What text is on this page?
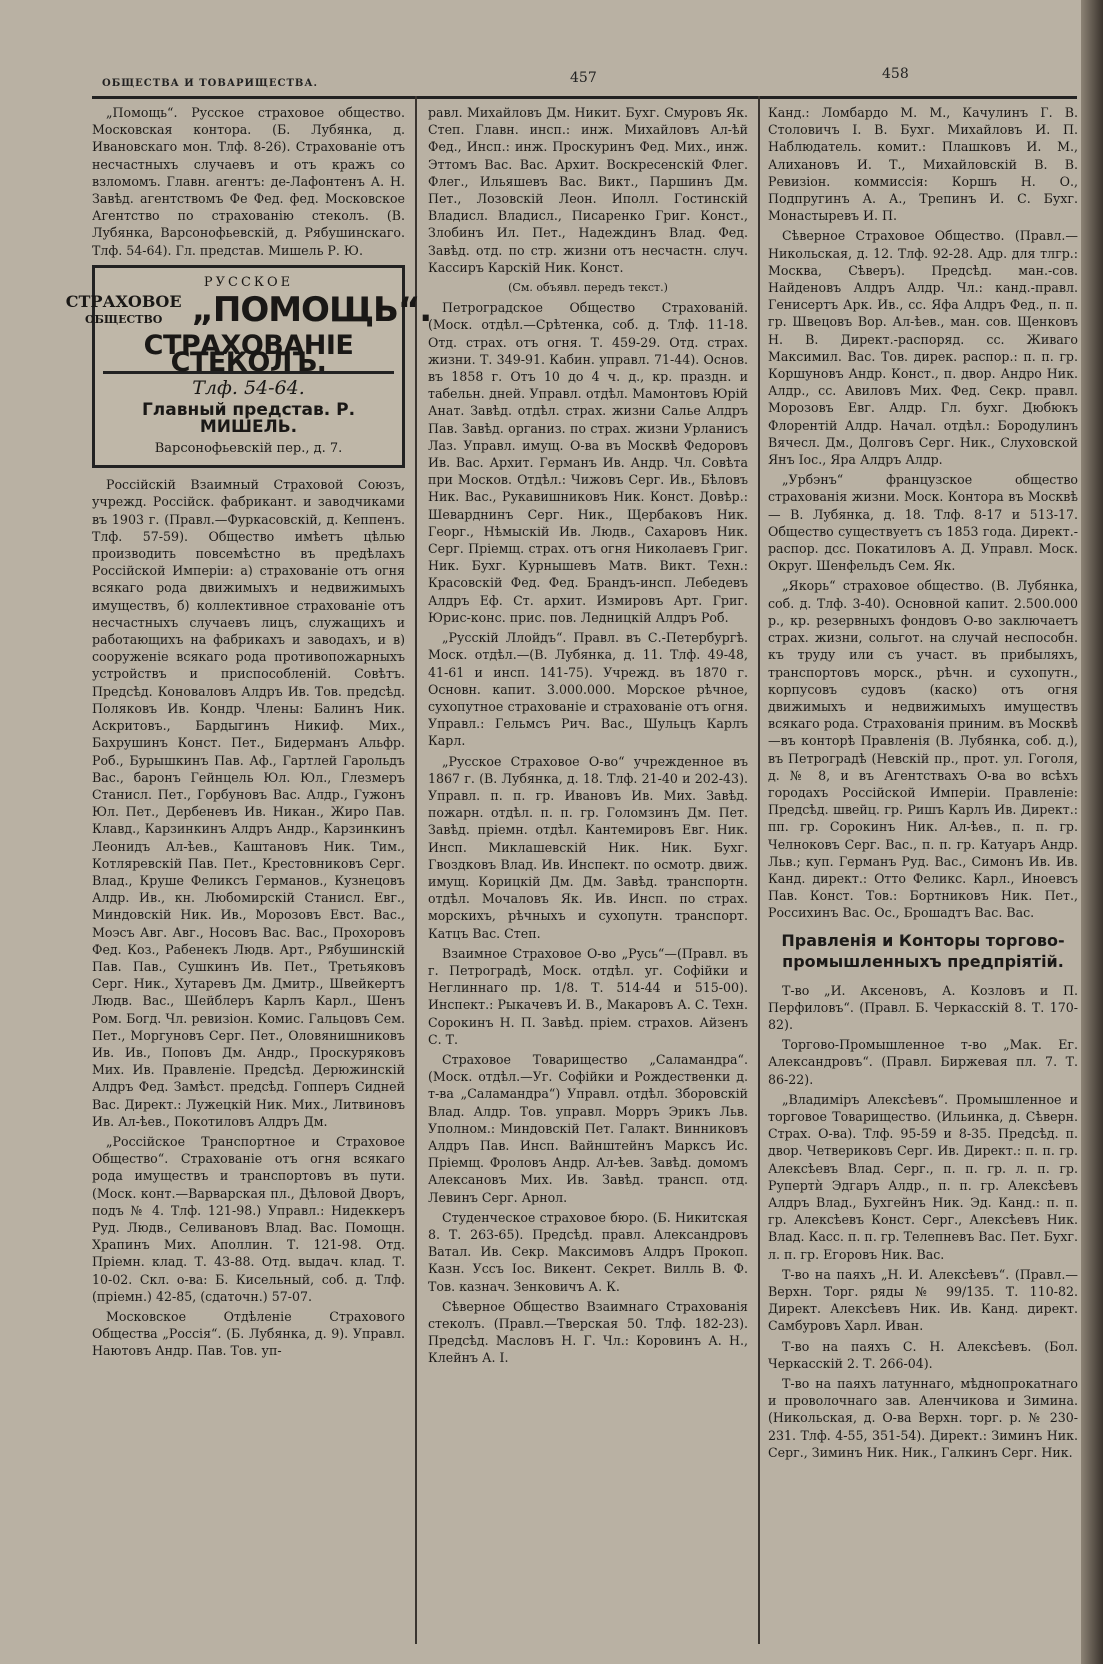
ОБЩЕСТВА И ТОВАРИЩЕСТВА.	457	458

„Помощь“. Русское страховое общество. Московская контора. (Б. Лубянка, д. Ивановскаго мон. Тлф. 8-26). Страхованіе отъ несчастныхъ случаевъ и отъ кражъ со взломомъ. Главн. агентъ: де-Лафонтенъ А. Н. Завѣд. агентствомъ Фе Фед. фед. Московское Агентство по страхованію стеколъ. (В. Лубянка, Варсонофьевскій, д. Рябушинскаго. Тлф. 54-64). Гл. представ. Мишель Р. Ю.

РУССКОЕ
СТРАХОВОЕ
ОБЩЕСТВО „ПОМОЩЬ“.
СТРАХОВАНІЕ СТЕКОЛЪ.
Тлф. 54-64.
Главный представ. Р. МИШЕЛЬ.
Варсонофьевскій пер., д. 7.

Россійскій Взаимный Страховой Союзъ, учрежд. Россійск. фабрикант. и заводчиками въ 1903 г. (Правл.—Фуркасовскій, д. Кеппенъ. Тлф. 57-59). Общество имѣетъ цѣлью производить повсемѣстно въ предѣлахъ Россійской Имперіи: а) страхованіе отъ огня всякаго рода движимыхъ и недвижимыхъ имуществъ, б) коллективное страхованіе отъ несчастныхъ случаевъ лицъ, служащихъ и работающихъ на фабрикахъ и заводахъ, и в) сооруженіе всякаго рода противопожарныхъ устройствъ и приспособленій. Совѣтъ. Предсѣд. Коноваловъ Алдръ Ив. Тов. предсѣд. Поляковъ Ив. Кондр. Члены: Балинъ Ник. Аскритовъ., Бардыгинъ Никиф. Мих., Бахрушинъ Конст. Пет., Бидерманъ Альфр. Роб., Бурышкинъ Пав. Аф., Гартлей Гарольдъ Вас., баронъ Гейнцель Юл. Юл., Глезмеръ Станисл. Пет., Горбуновъ Вас. Алдр., Гужонъ Юл. Пет., Дербеневъ Ив. Никан., Жиро Пав. Клавд., Карзинкинъ Алдръ Андр., Карзинкинъ Леонидъ Ал-ѣев., Каштановъ Ник. Тим., Котляревскій Пав. Пет., Крестовниковъ Серг. Влад., Круше Феликсъ Германов., Кузнецовъ Алдр. Ив., кн. Любомирскій Станисл. Евг., Миндовскій Ник. Ив., Морозовъ Евст. Вас., Моэсъ Авг. Авг., Носовъ Вас. Вас., Прохоровъ Фед. Коз., Рабенекъ Людв. Арт., Рябушинскій Пав. Пав., Сушкинъ Ив. Пет., Третьяковъ Серг. Ник., Хутаревъ Дм. Дмитр., Швейкертъ Людв. Вас., Шейблеръ Карлъ Карл., Шенъ Ром. Богд. Чл. ревизіон. Комис. Гальцовъ Сем. Пет., Моргуновъ Серг. Пет., Оловянишниковъ Ив. Ив., Поповъ Дм. Андр., Проскуряковъ Мих. Ив. Правленіе. Предсѣд. Дерюжинскій Алдръ Фед. Замѣст. предсѣд. Гопперъ Сидней Вас. Директ.: Лужецкій Ник. Мих., Литвиновъ Ив. Ал-ѣев., Покотиловъ Алдръ Дм.

„Россійское Транспортное и Страховое Общество“. Страхованіе отъ огня всякаго рода имуществъ и транспортовъ въ пути. (Моск. конт.—Варварская пл., Дѣловой Дворъ, подъ № 4. Тлф. 121-98.) Управл.: Нидеккеръ Руд. Людв., Селивановъ Влад. Вас. Помощн. Храпинъ Мих. Аполлин. Т. 121-98. Отд. Пріемн. клад. Т. 43-88. Отд. выдач. клад. Т. 10-02. Скл. о-ва: Б. Кисельный, соб. д. Тлф. (пріемн.) 42-85, (сдаточн.) 57-07.

Московское Отдѣленіе Страхового Общества „Россія“. (Б. Лубянка, д. 9). Управл. Наютовъ Андр. Пав. Тов. уп-

равл. Михайловъ Дм. Никит. Бухг. Смуровъ Як. Степ. Главн. инсп.: инж. Михайловъ Ал-ѣй Фед., Инсп.: инж. Проскуринъ Фед. Мих., инж. Эттомъ Вас. Вас. Архит. Воскресенскій Флег. Флег., Ильяшевъ Вас. Викт., Паршинъ Дм. Пет., Лозовскій Леон. Иполл. Гостинскій Владисл. Владисл., Писаренко Григ. Конст., Злобинъ Ил. Пет., Надеждинъ Влад. Фед. Завѣд. отд. по стр. жизни отъ несчастн. случ. Кассиръ Карскій Ник. Конст.

(См. объявл. передъ текст.)

Петроградское Общество Страхованій. (Моск. отдѣл.—Срѣтенка, соб. д. Тлф. 11-18. Отд. страх. отъ огня. Т. 459-29. Отд. страх. жизни. Т. 349-91. Кабин. управл. 71-44). Основ. въ 1858 г. Отъ 10 до 4 ч. д., кр. праздн. и табельн. дней. Управл. отдѣл. Мамонтовъ Юрій Анат. Завѣд. отдѣл. страх. жизни Салье Алдръ Пав. Завѣд. организ. по страх. жизни Урланисъ Лаз. Управл. имущ. О-ва въ Москвѣ Федоровъ Ив. Вас. Архит. Германъ Ив. Андр. Чл. Совѣта при Москов. Отдѣл.: Чижовъ Серг. Ив., Бѣловъ Ник. Вас., Рукавишниковъ Ник. Конст. Довѣр.: Шеварднинъ Серг. Ник., Щербаковъ Ник. Георг., Нѣмыскій Ив. Людв., Сахаровъ Ник. Серг. Пріемщ. страх. отъ огня Николаевъ Григ. Ник. Бухг. Курнышевъ Матв. Викт. Техн.: Красовскій Фед. Фед. Брандъ-инсп. Лебедевъ Алдръ Еф. Ст. архит. Измировъ Арт. Григ. Юрис-конс. прис. пов. Ледницкій Алдръ Роб.

„Русскій Ллойдъ“. Правл. въ С.-Петербургѣ. Моск. отдѣл.—(В. Лубянка, д. 11. Тлф. 49-48, 41-61 и инсп. 141-75). Учрежд. въ 1870 г. Основн. капит. 3.000.000. Морское рѣчное, сухопутное страхованіе и страхованіе отъ огня. Управл.: Гельмсъ Рич. Вас., Шульцъ Карлъ Карл.

„Русское Страховое О-во“ учрежденное въ 1867 г. (В. Лубянка, д. 18. Тлф. 21-40 и 202-43). Управл. п. п. гр. Ивановъ Ив. Мих. Завѣд. пожарн. отдѣл. п. п. гр. Голомзинъ Дм. Пет. Завѣд. пріемн. отдѣл. Кантемировъ Евг. Ник. Инсп. Миклашевскій Ник. Ник. Бухг. Гвоздковъ Влад. Ив. Инспект. по осмотр. движ. имущ. Корицкій Дм. Дм. Завѣд. транспортн. отдѣл. Мочаловъ Як. Ив. Инсп. по страх. морскихъ, рѣчныхъ и сухопутн. транспорт. Катцъ Вас. Степ.

Взаимное Страховое О-во „Русь“—(Правл. въ г. Петроградѣ, Моск. отдѣл. уг. Софійки и Неглиннаго пр. 1/8. Т. 514-44 и 515-00). Инспект.: Рыкачевъ И. В., Макаровъ А. С. Техн. Сорокинъ Н. П. Завѣд. пріем. страхов. Айзенъ С. Т.

Страховое Товарищество „Саламандра“. (Моск. отдѣл.—Уг. Софійки и Рождественки д. т-ва „Саламандра“) Управл. отдѣл. Зборовскій Влад. Алдр. Тов. управл. Морръ Эрикъ Льв. Уполном.: Миндовскій Пет. Галакт. Винниковъ Алдръ Пав. Инсп. Вайнштейнъ Марксъ Ис. Пріемщ. Фроловъ Андр. Ал-ѣев. Завѣд. домомъ Алексановъ Мих. Ив. Завѣд. трансп. отд. Левинъ Серг. Арнол.

Студенческое страховое бюро. (Б. Никитская 8. Т. 263-65). Предсѣд. правл. Александровъ Ватал. Ив. Секр. Максимовъ Алдръ Прокоп. Казн. Уссъ Іос. Викент. Секрет. Вилль В. Ф. Тов. казнач. Зенковичъ А. К.

Сѣверное Общество Взаимнаго Страхованія стеколъ. (Правл.—Тверская 50. Тлф. 182-23). Предсѣд. Масловъ Н. Г. Чл.: Коровинъ А. Н., Клейнъ А. І.

Канд.: Ломбардо М. М., Качулинъ Г. В. Столовичъ І. В. Бухг. Михайловъ И. П. Наблюдатель. комит.: Плашковъ И. М., Алихановъ И. Т., Михайловскій В. В. Ревизіон. коммиссія: Коршъ Н. О., Подпругинъ А. А., Трепинъ И. С. Бухг. Монастыревъ И. П.

Сѣверное Страховое Общество. (Правл.—Никольская, д. 12. Тлф. 92-28. Адр. для тлгр.: Москва, Сѣверъ). Предсѣд. ман.-сов. Найденовъ Алдръ Алдр. Чл.: канд.-правл. Генисертъ Арк. Ив., сс. Яфа Алдръ Фед., п. п. гр. Швецовъ Вор. Ал-ѣев., ман. сов. Щенковъ Н. В. Директ.-распоряд. сс. Живаго Максимил. Вас. Тов. дирек. распор.: п. п. гр. Коршуновъ Андр. Конст., п. двор. Андро Ник. Алдр., сс. Авиловъ Мих. Фед. Секр. правл. Морозовъ Евг. Алдр. Гл. бухг. Дюбюкъ Флорентій Алдр. Начал. отдѣл.: Бородулинъ Вячесл. Дм., Долговъ Серг. Ник., Слуховской Янъ Іос., Яра Алдръ Алдр.

„Урбэнъ“ французское общество страхованія жизни. Моск. Контора въ Москвѣ — В. Лубянка, д. 18. Тлф. 8-17 и 513-17. Общество существуетъ съ 1853 года. Директ.-распор. дсс. Покатиловъ А. Д. Управл. Моск. Округ. Шенфельдъ Сем. Як.

„Якорь“ страховое общество. (В. Лубянка, соб. д. Тлф. 3-40). Основной капит. 2.500.000 р., кр. резервныхъ фондовъ О-во заключаетъ страх. жизни, сольгот. на случай неспособн. къ труду или съ участ. въ прибыляхъ, транспортовъ морск., рѣчн. и сухопутн., корпусовъ судовъ (каско) отъ огня движимыхъ и недвижимыхъ имуществъ всякаго рода. Страхованія приним. въ Москвѣ—въ конторѣ Правленія (В. Лубянка, соб. д.), въ Петроградѣ (Невскій пр., прот. ул. Гоголя, д. № 8, и въ Агентствахъ О-ва во всѣхъ городахъ Россійской Имперіи. Правленіе: Предсѣд. швейц. гр. Ришъ Карлъ Ив. Директ.: пп. гр. Сорокинъ Ник. Ал-ѣев., п. п. гр. Челноковъ Серг. Вас., п. п. гр. Катуаръ Андр. Льв.; куп. Германъ Руд. Вас., Симонъ Ив. Ив. Канд. директ.: Отто Феликс. Карл., Иноевсъ Пав. Конст. Тов.: Бортниковъ Ник. Пет., Россихинъ Вас. Ос., Брошадтъ Вас. Вас.

Правленія и Конторы торгово-промышленныхъ предпріятій.

Т-во „И. Аксеновъ, А. Козловъ и П. Перфиловъ“. (Правл. Б. Черкасскій 8. Т. 170-82).

Торгово-Промышленное т-во „Мак. Ег. Александровъ“. (Правл. Биржевая пл. 7. Т. 86-22).

„Владиміръ Алексѣевъ“. Промышленное и торговое Товарищество. (Ильинка, д. Сѣверн. Страх. О-ва). Тлф. 95-59 и 8-35. Предсѣд. п. двор. Четвериковъ Серг. Ив. Директ.: п. п. гр. Алексѣевъ Влад. Серг., п. п. гр. л. п. гр. Рупертѝ Эдгаръ Алдр., п. п. гр. Алексѣевъ Алдръ Влад., Бухгейнъ Ник. Эд. Канд.: п. п. гр. Алексѣевъ Конст. Серг., Алексѣевъ Ник. Влад. Касс. п. п. гр. Телепневъ Вас. Пет. Бухг. л. п. гр. Егоровъ Ник. Вас.

Т-во на паяхъ „Н. И. Алексѣевъ“. (Правл.—Верхн. Торг. ряды № 99/135. Т. 110-82. Директ. Алексѣевъ Ник. Ив. Канд. директ. Самбуровъ Харл. Иван.

Т-во на паяхъ С. Н. Алексѣевъ. (Бол. Черкасскій 2. Т. 266-04).

Т-во на паяхъ латуннаго, мѣднопрокатнаго и проволочнаго зав. Аленчикова и Зимина. (Никольская, д. О-ва Верхн. торг. р. № 230-231. Тлф. 4-55, 351-54). Директ.: Зиминъ Ник. Серг., Зиминъ Ник. Ник., Галкинъ Серг. Ник.
